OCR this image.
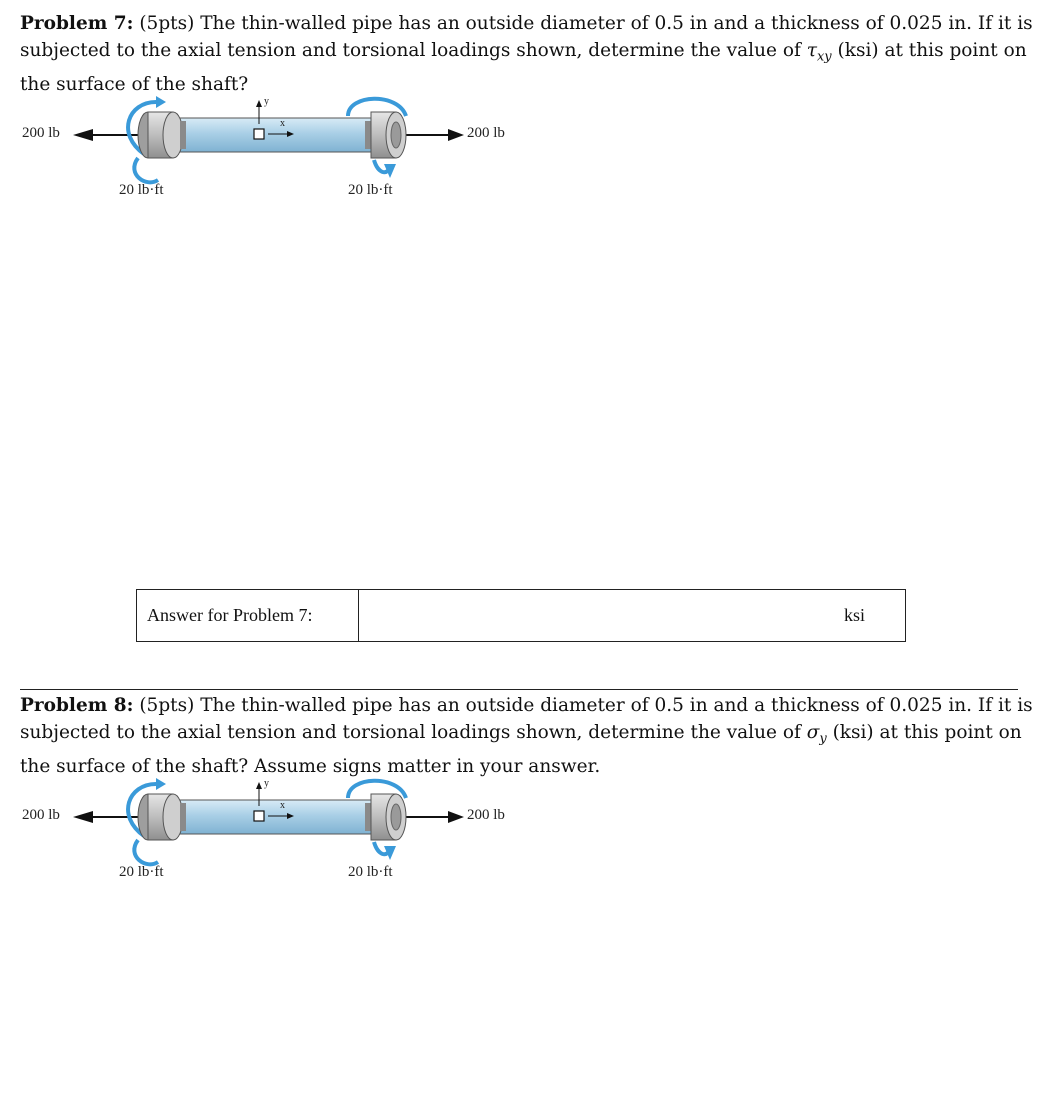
Problem 7: (5pts) The thin-walled pipe has an outside diameter of 0.5 in and a thickness of 0.025 in. If it is subjected to the axial tension and torsional loadings shown, determine the value of $\tau_{xy}$ (ksi) at this point on the surface of the shaft?
200 lb	200 lb
20 lb·ft	20 lb·ft
y
x
Answer for Problem 7:	ksi
Problem 8: (5pts) The thin-walled pipe has an outside diameter of 0.5 in and a thickness of 0.025 in. If it is subjected to the axial tension and torsional loadings shown, determine the value of $\sigma_y$ (ksi) at this point on the surface of the shaft? Assume signs matter in your answer.
200 lb	200 lb
20 lb·ft	20 lb·ft
y
x
